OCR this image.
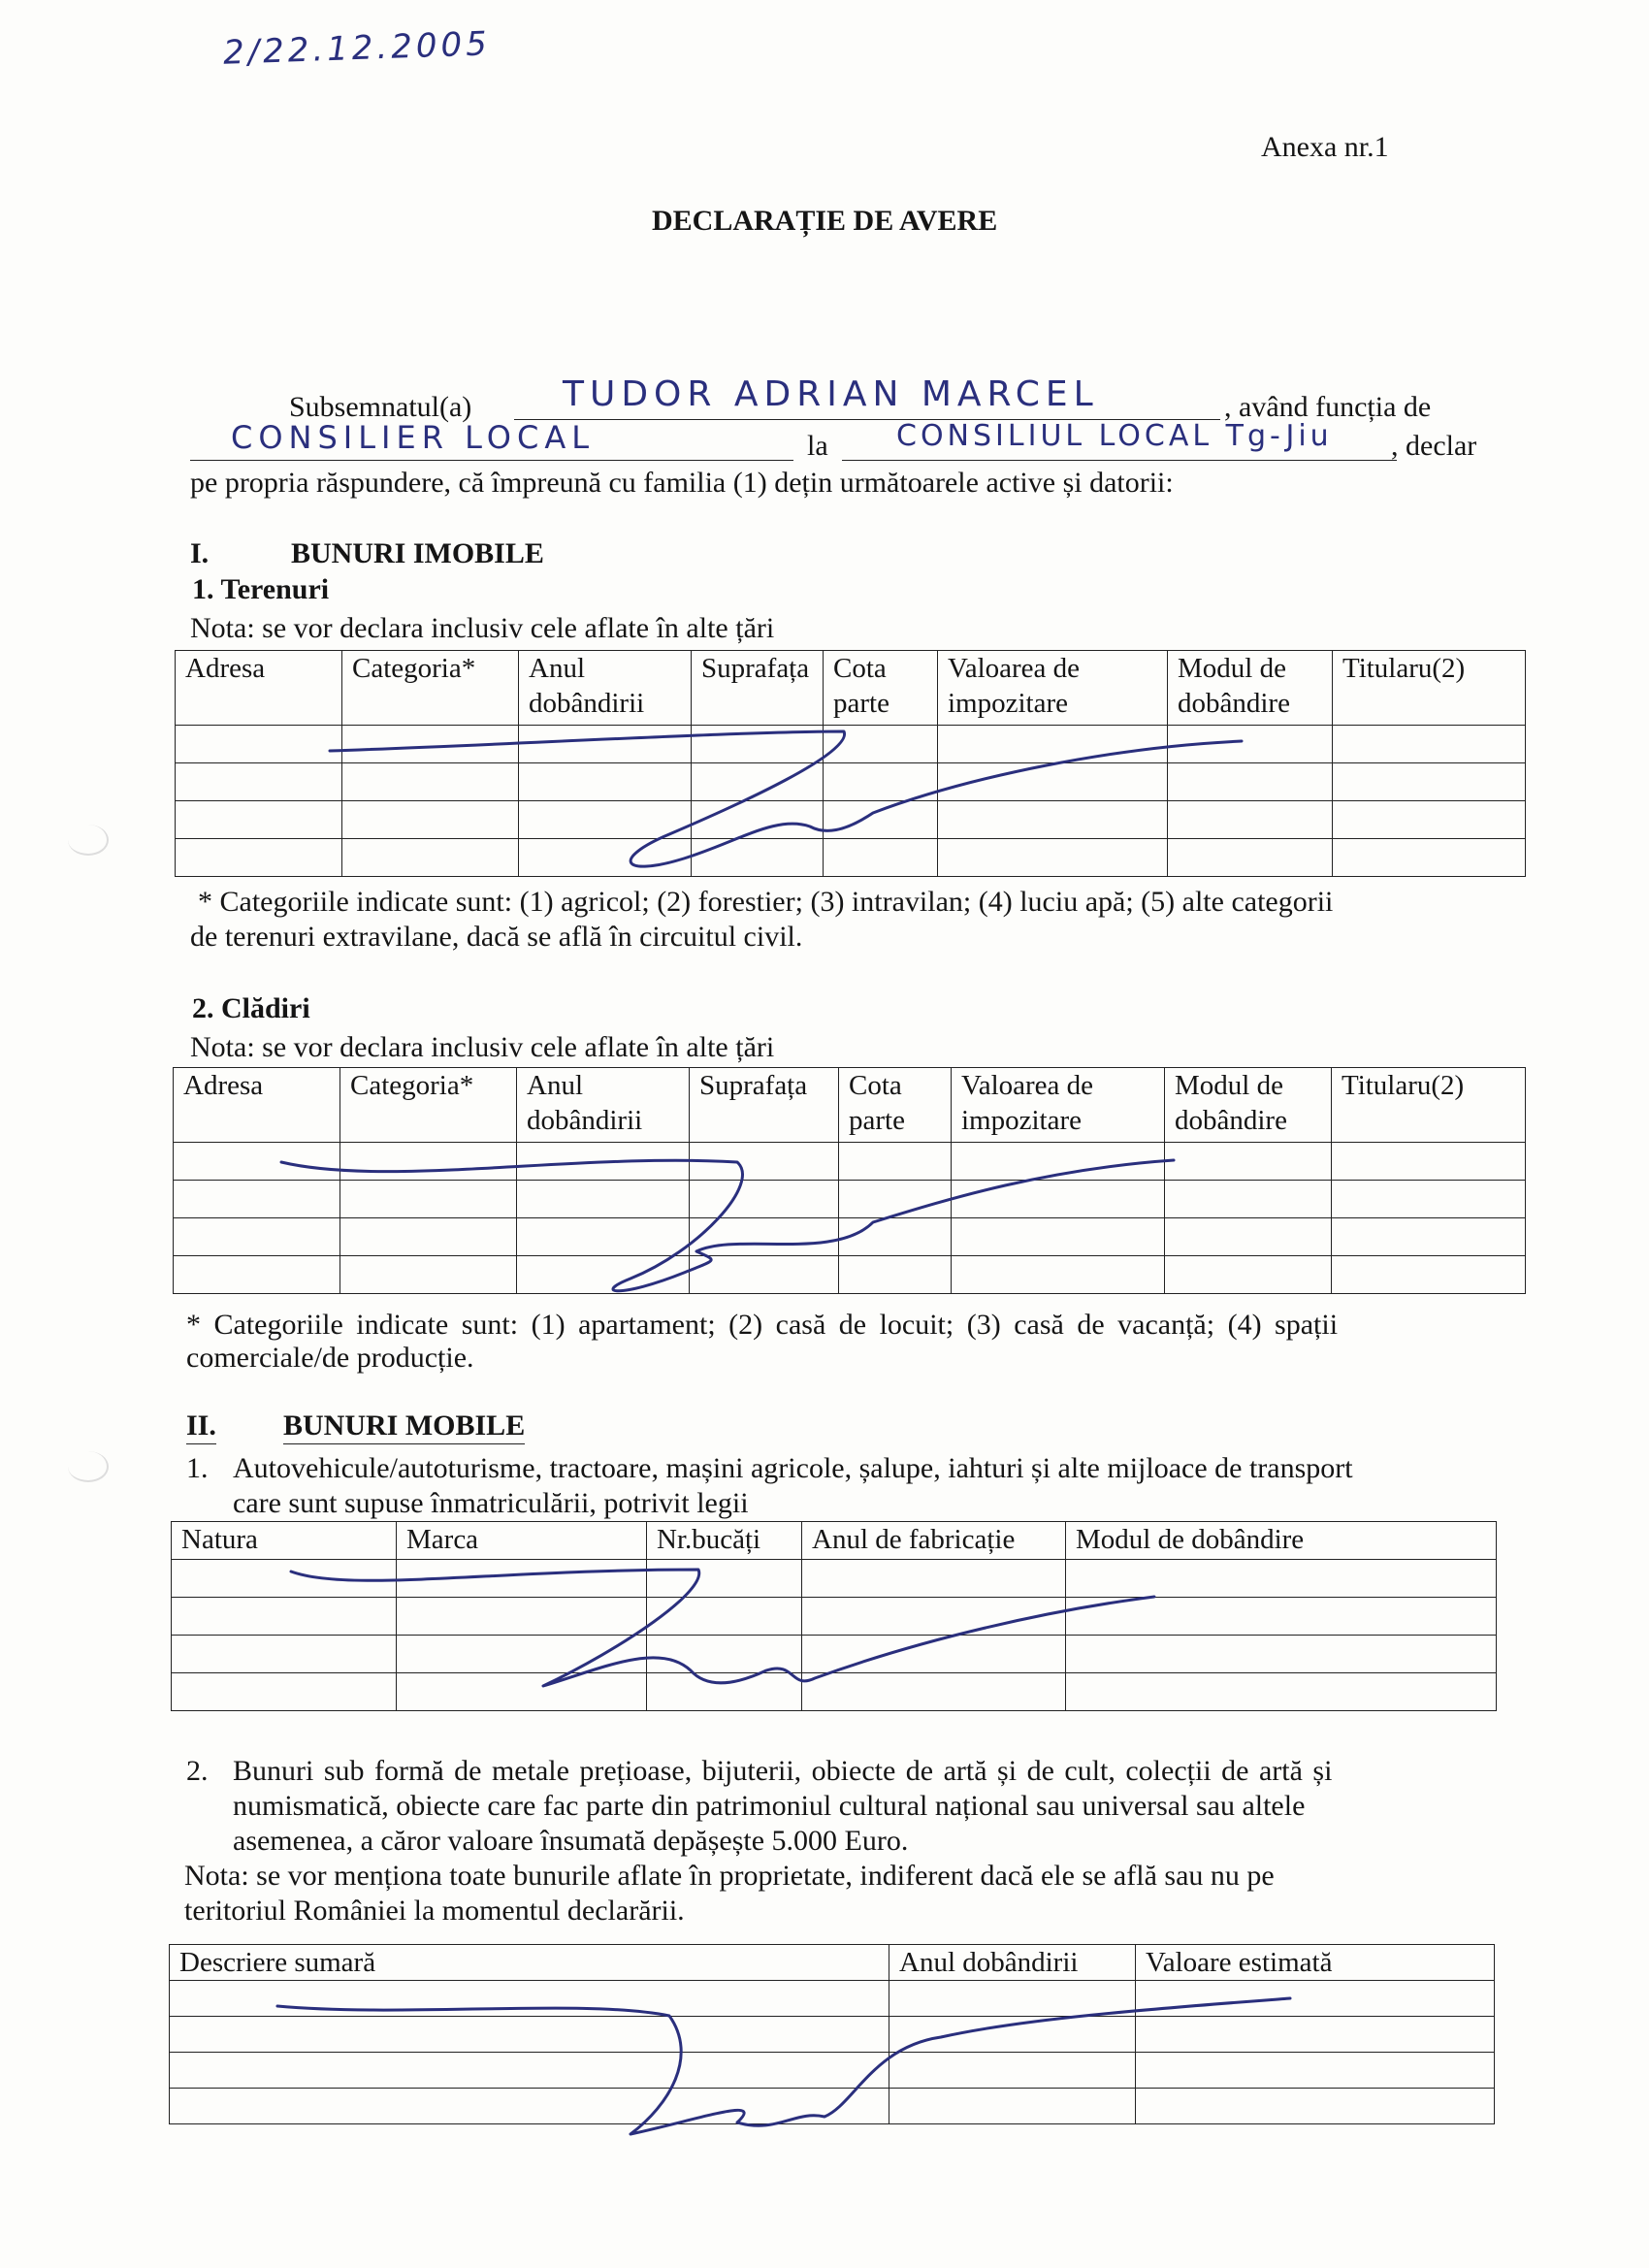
2/22.12.2005
Anexa nr.1
DECLARAȚIE DE AVERE
Subsemnatul(a)	TUDOR ADRIAN MARCEL	, având funcția de
CONSILIER LOCAL	la CONSILIUL LOCAL Tg-Jiu , declar
pe propria răspundere, că împreună cu familia (1) dețin următoarele active și datorii:
I.	BUNURI IMOBILE
1. Terenuri
Nota: se vor declara inclusiv cele aflate în alte țări
Adresa	Categoria*	Anul dobândirii	Suprafața	Cota parte	Valoarea de impozitare	Modul de dobândire	Titularu(2)

* Categoriile indicate sunt: (1) agricol; (2) forestier; (3) intravilan; (4) luciu apă; (5) alte categorii
de terenuri extravilane, dacă se află în circuitul civil.
2. Clădiri
Nota: se vor declara inclusiv cele aflate în alte țări
Adresa	Categoria*	Anul dobândirii	Suprafața	Cota parte	Valoarea de impozitare	Modul de dobândire	Titularu(2)

* Categoriile indicate sunt: (1) apartament; (2) casă de locuit; (3) casă de vacanță; (4) spații
comerciale/de producție.
II. BUNURI MOBILE
1. Autovehicule/autoturisme, tractoare, mașini agricole, șalupe, iahturi și alte mijloace de transport
care sunt supuse înmatriculării, potrivit legii
Natura	Marca	Nr.bucăți	Anul de fabricație	Modul de dobândire

2. Bunuri sub formă de metale prețioase, bijuterii, obiecte de artă și de cult, colecții de artă și
numismatică, obiecte care fac parte din patrimoniul cultural național sau universal sau altele
asemenea, a căror valoare însumată depășește 5.000 Euro.
Nota: se vor menționa toate bunurile aflate în proprietate, indiferent dacă ele se află sau nu pe
teritoriul României la momentul declarării.
Descriere sumară	Anul dobândirii	Valoare estimată
